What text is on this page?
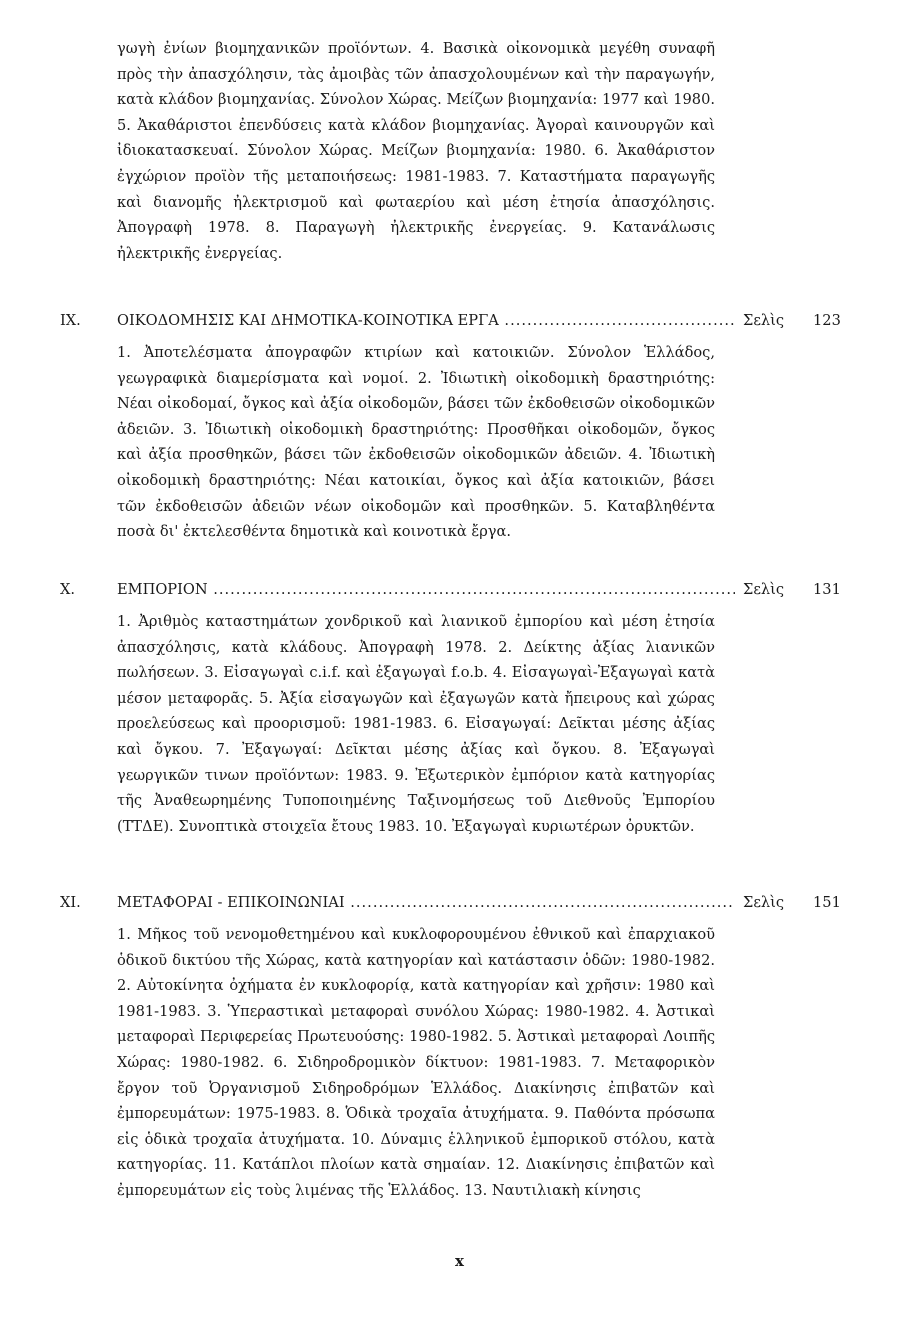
γωγὴ ἐνίων βιομηχανικῶν προϊόντων. 4. Βασικὰ οἰκονομικὰ μεγέθη συναφῆ πρὸς τὴν ἀπασχόλησιν, τὰς ἀμοιβὰς τῶν ἀπασχολουμένων καὶ τὴν παραγωγήν, κατὰ κλάδον βιομηχανίας. Σύνολον Χώρας. Μείζων βιομηχανία: 1977 καὶ 1980. 5. Ἀκαθάριστοι ἐπενδύσεις κατὰ κλάδον βιομηχανίας. Ἀγοραὶ καινουργῶν καὶ ἰδιοκατασκευαί. Σύνολον Χώρας. Μείζων βιομηχανία: 1980. 6. Ἀκαθάριστον ἐγχώριον προϊὸν τῆς μεταποιήσεως: 1981-1983. 7. Καταστήματα παραγωγῆς καὶ διανομῆς ἠλεκτρισμοῦ καὶ φωταερίου καὶ μέση ἐτησία ἀπασχόλησις. Ἀπογραφὴ 1978. 8. Παραγωγὴ ἠλεκτρικῆς ἐνεργείας. 9. Κατανάλωσις ἠλεκτρικῆς ἐνεργείας.

IX. ΟΙΚΟΔΟΜΗΣΙΣ ΚΑΙ ΔΗΜΟΤΙΚΑ-ΚΟΙΝΟΤΙΚΑ ΕΡΓΑ .....	Σελὶς 123

1. Ἀποτελέσματα ἀπογραφῶν κτιρίων καὶ κατοικιῶν. Σύνολον Ἑλλάδος, γεωγραφικὰ διαμερίσματα καὶ νομοί. 2. Ἰδιωτικὴ οἰκοδομικὴ δραστηριότης: Νέαι οἰκοδομαί, ὄγκος καὶ ἀξία οἰκοδομῶν, βάσει τῶν ἐκδοθεισῶν οἰκοδομικῶν ἀδειῶν. 3. Ἰδιωτικὴ οἰκοδομικὴ δραστηριότης: Προσθῆκαι οἰκοδομῶν, ὄγκος καὶ ἀξία προσθηκῶν, βάσει τῶν ἐκδοθεισῶν οἰκοδομικῶν ἀδειῶν. 4. Ἰδιωτικὴ οἰκοδομικὴ δραστηριότης: Νέαι κατοικίαι, ὄγκος καὶ ἀξία κατοικιῶν, βάσει τῶν ἐκδοθεισῶν ἀδειῶν νέων οἰκοδομῶν καὶ προσθηκῶν. 5. Καταβληθέντα ποσὰ δι' ἐκτελεσθέντα δημοτικὰ καὶ κοινοτικὰ ἔργα.

X.	ΕΜΠΟΡΙΟΝ .....	Σελὶς 131

1. Ἀριθμὸς καταστημάτων χονδρικοῦ καὶ λιανικοῦ ἐμπορίου καὶ μέση ἐτησία ἀπασχόλησις, κατὰ κλάδους. Ἀπογραφὴ 1978. 2. Δείκτης ἀξίας λιανικῶν πωλήσεων. 3. Εἰσαγωγαὶ c.i.f. καὶ ἐξαγωγαὶ f.o.b. 4. Εἰσαγωγαὶ-Ἐξαγωγαὶ κατὰ μέσον μεταφορᾶς. 5. Ἀξία εἰσαγωγῶν καὶ ἐξαγωγῶν κατὰ ἤπειρους καὶ χώρας προελεύσεως καὶ προορισμοῦ: 1981-1983. 6. Εἰσαγωγαί: Δεῖκται μέσης ἀξίας καὶ ὄγκου. 7. Ἐξαγωγαί: Δεῖκται μέσης ἀξίας καὶ ὄγκου. 8. Ἐξαγωγαὶ γεωργικῶν τινων προϊόντων: 1983. 9. Ἐξωτερικὸν ἐμπόριον κατὰ κατηγορίας τῆς Ἀναθεωρημένης Τυποποιημένης Ταξινομήσεως τοῦ Διεθνοῦς Ἐμπορίου (ΤΤΔΕ). Συνοπτικὰ στοιχεῖα ἔτους 1983. 10. Ἐξαγωγαὶ κυριωτέρων ὀρυκτῶν.

XI. ΜΕΤΑΦΟΡΑΙ - ΕΠΙΚΟΙΝΩΝΙΑΙ .....	Σελὶς 151

1. Μῆκος τοῦ νενομοθετημένου καὶ κυκλοφορουμένου ἐθνικοῦ καὶ ἐπαρχιακοῦ ὁδικοῦ δικτύου τῆς Χώρας, κατὰ κατηγορίαν καὶ κατάστασιν ὁδῶν: 1980-1982. 2. Αὐτοκίνητα ὀχήματα ἐν κυκλοφορίᾳ, κατὰ κατηγορίαν καὶ χρῆσιν: 1980 καὶ 1981-1983. 3. Ὑπεραστικαὶ μεταφοραὶ συνόλου Χώρας: 1980-1982. 4. Ἀστικαὶ μεταφοραὶ Περιφερείας Πρωτευούσης: 1980-1982. 5. Ἀστικαὶ μεταφοραὶ Λοιπῆς Χώρας: 1980-1982. 6. Σιδηροδρομικὸν δίκτυον: 1981-1983. 7. Μεταφορικὸν ἔργον τοῦ Ὀργανισμοῦ Σιδηροδρόμων Ἑλλάδος. Διακίνησις ἐπιβατῶν καὶ ἐμπορευμάτων: 1975-1983. 8. Ὁδικὰ τροχαῖα ἀτυχήματα. 9. Παθόντα πρόσωπα εἰς ὁδικὰ τροχαῖα ἀτυχήματα. 10. Δύναμις ἑλληνικοῦ ἐμπορικοῦ στόλου, κατὰ κατηγορίας. 11. Κατάπλοι πλοίων κατὰ σημαίαν. 12. Διακίνησις ἐπιβατῶν καὶ ἐμπορευμάτων εἰς τοὺς λιμένας τῆς Ἑλλάδος. 13. Ναυτιλιακὴ κίνησις

x
